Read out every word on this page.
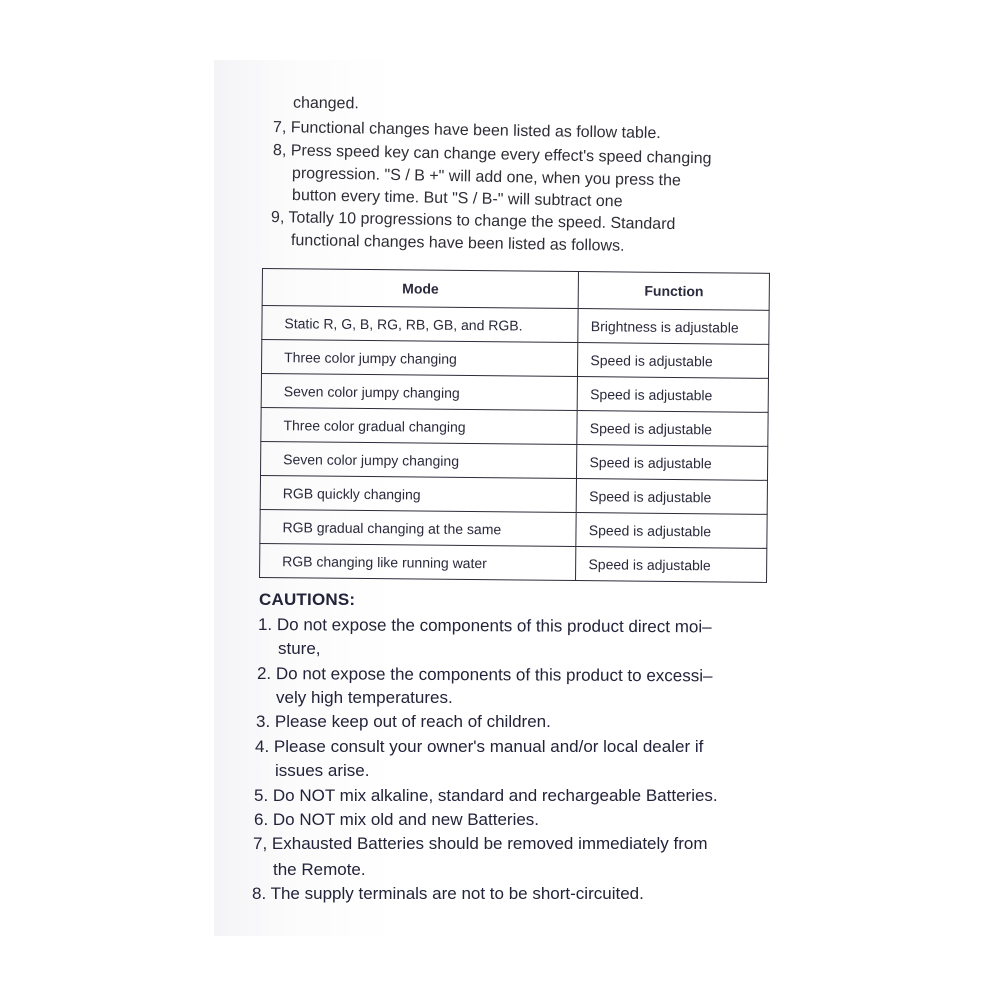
changed.
7, Functional changes have been listed as follow table.
8, Press speed key can change every effect's speed changing
progression. "S / B +" will add one, when you press the
button every time. But "S / B-" will subtract one
9, Totally 10 progressions to change the speed. Standard
functional changes have been listed as follows.
Mode	Function
Static R, G, B, RG, RB, GB, and RGB.	Brightness is adjustable
Three color jumpy changing	Speed is adjustable
Seven color jumpy changing	Speed is adjustable
Three color gradual changing	Speed is adjustable
Seven color jumpy changing	Speed is adjustable
RGB quickly changing	Speed is adjustable
RGB gradual changing at the same	Speed is adjustable
RGB changing like running water	Speed is adjustable
CAUTIONS:
1. Do not expose the components of this product direct moi–
sture,
2. Do not expose the components of this product to excessi–
vely high temperatures.
3. Please keep out of reach of children.
4. Please consult your owner's manual and/or local dealer if
issues arise.
5. Do NOT mix alkaline, standard and rechargeable Batteries.
6. Do NOT mix old and new Batteries.
7, Exhausted Batteries should be removed immediately from
the Remote.
8. The supply terminals are not to be short-circuited.
